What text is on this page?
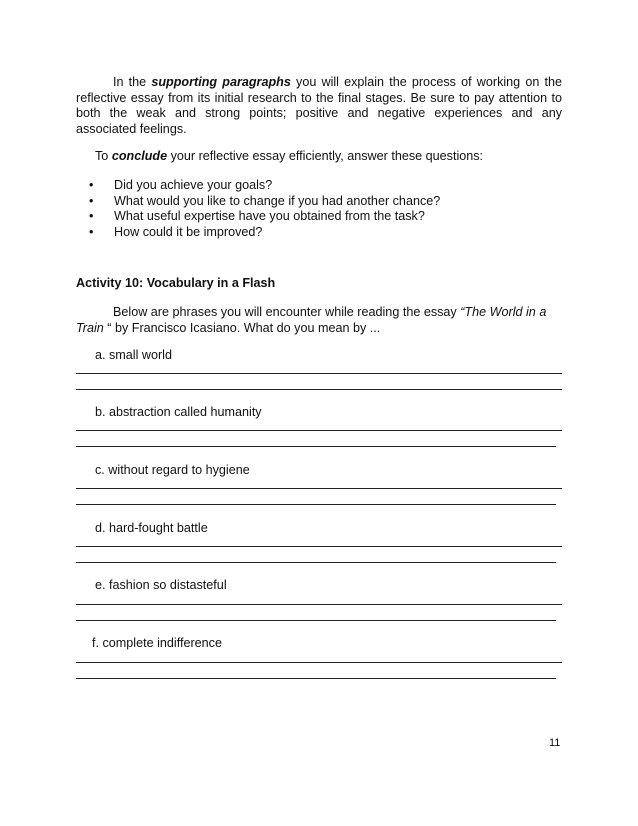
In the supporting paragraphs you will explain the process of working on the reflective essay from its initial research to the final stages. Be sure to pay attention to both the weak and strong points; positive and negative experiences and any associated feelings.
To conclude your reflective essay efficiently, answer these questions:
• Did you achieve your goals?
• What would you like to change if you had another chance?
• What useful expertise have you obtained from the task?
• How could it be improved?
Activity 10: Vocabulary in a Flash
Below are phrases you will encounter while reading the essay “The World in a Train “ by Francisco Icasiano. What do you mean by ...
a. small world
b. abstraction called humanity
c. without regard to hygiene
d. hard-fought battle
e. fashion so distasteful
f. complete indifference
11
